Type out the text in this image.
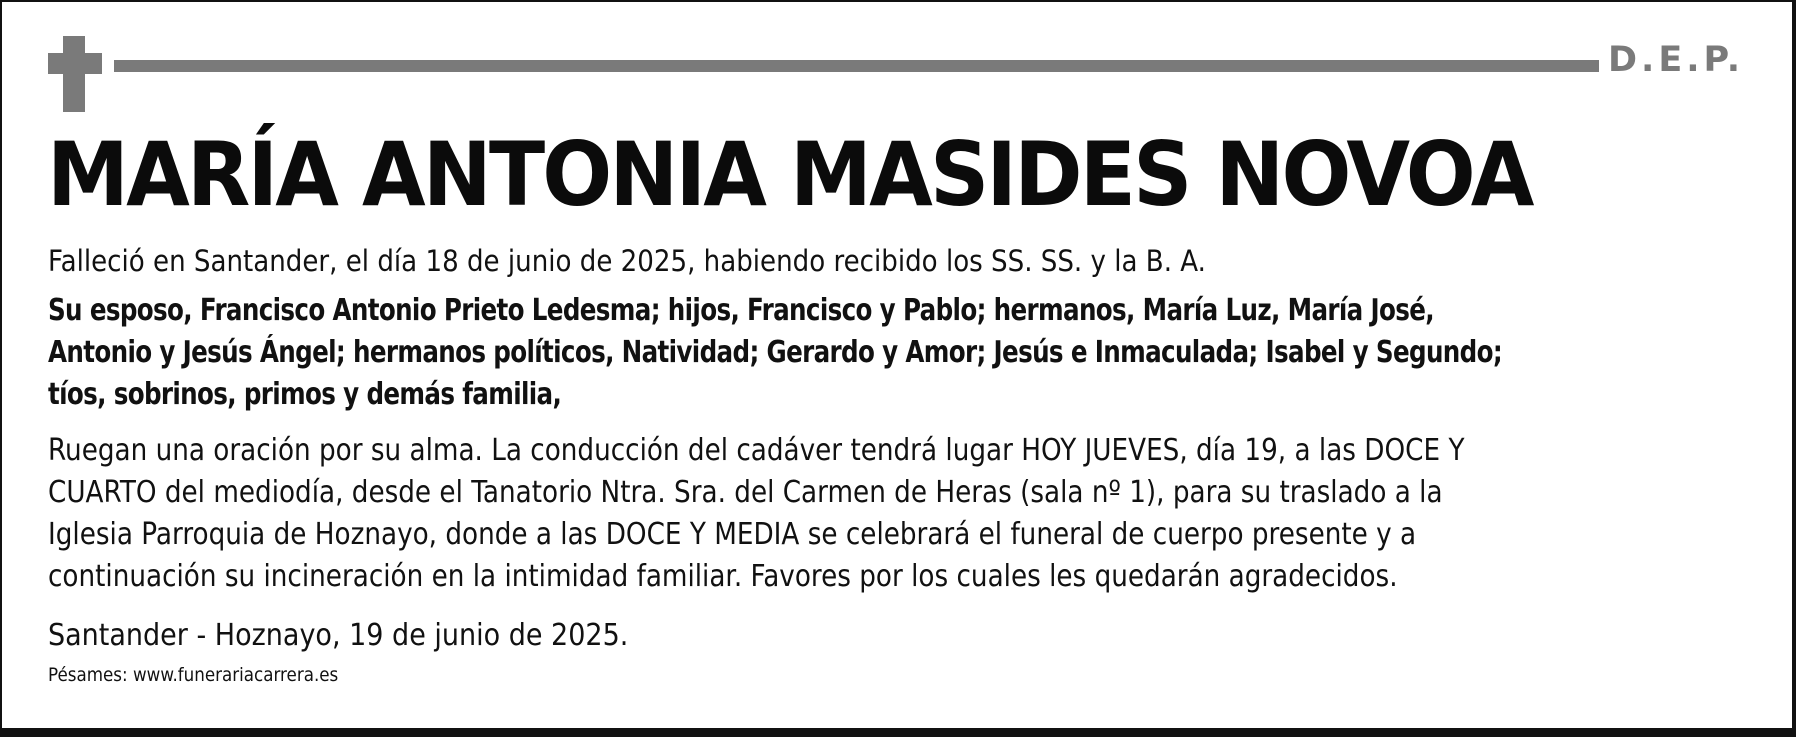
D.E.P.
MARÍA ANTONIA MASIDES NOVOA

Falleció en Santander, el día 18 de junio de 2025, habiendo recibido los SS. SS. y la B. A.

Su esposo, Francisco Antonio Prieto Ledesma; hijos, Francisco y Pablo; hermanos, María Luz, María José,
Antonio y Jesús Ángel; hermanos políticos, Natividad; Gerardo y Amor; Jesús e Inmaculada; Isabel y Segundo;
tíos, sobrinos, primos y demás familia,

Ruegan una oración por su alma. La conducción del cadáver tendrá lugar HOY JUEVES, día 19, a las DOCE Y
CUARTO del mediodía, desde el Tanatorio Ntra. Sra. del Carmen de Heras (sala nº 1), para su traslado a la
Iglesia Parroquia de Hoznayo, donde a las DOCE Y MEDIA se celebrará el funeral de cuerpo presente y a
continuación su incineración en la intimidad familiar. Favores por los cuales les quedarán agradecidos.

Santander - Hoznayo, 19 de junio de 2025.

Pésames: www.funerariacarrera.es
